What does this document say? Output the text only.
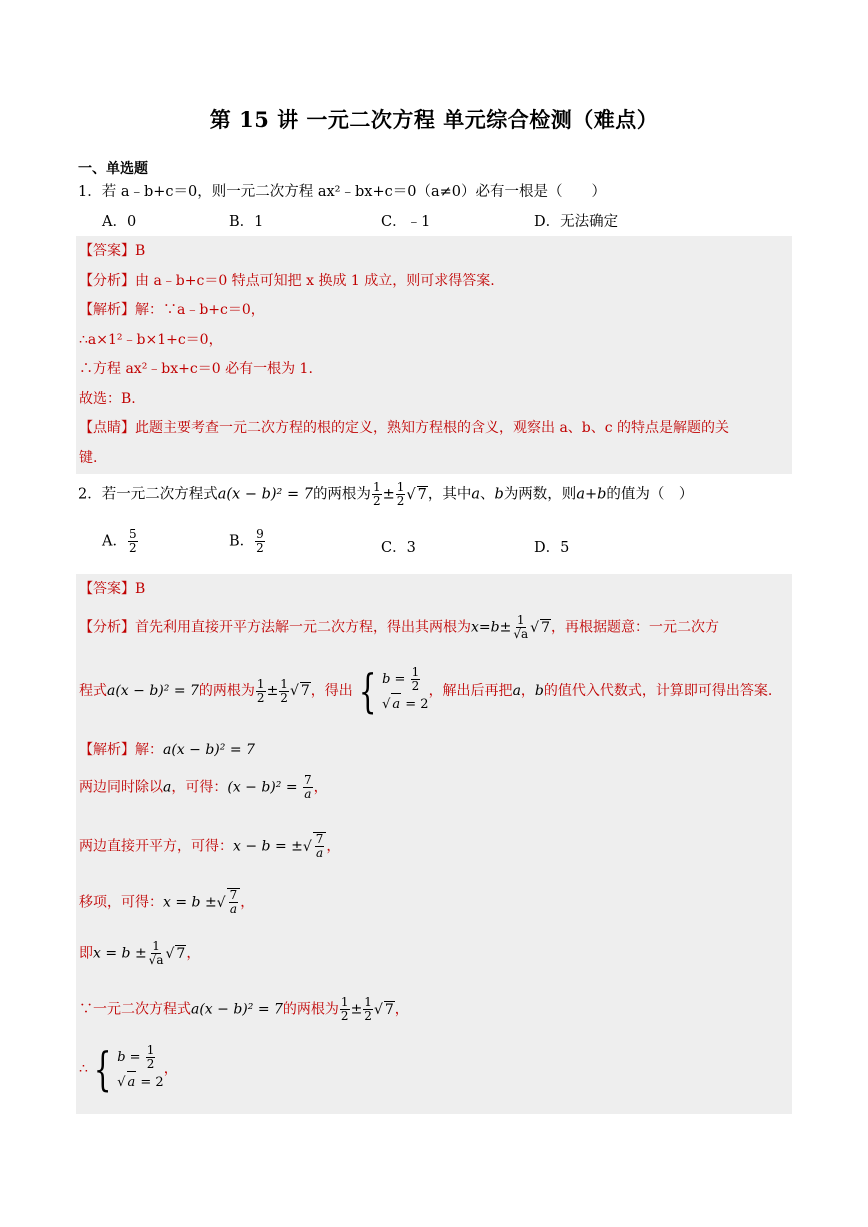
第 15 讲 一元二次方程 单元综合检测（难点）
一、单选题
1．若 a﹣b+c＝0，则一元二次方程 ax²﹣bx+c＝0（a≠0）必有一根是（　　）
A．0	B．1	C．﹣1	D．无法确定
【答案】B
【分析】由 a﹣b+c＝0 特点可知把 x 换成 1 成立，则可求得答案.
【解析】解：∵a﹣b+c＝0，
∴a×1²﹣b×1+c＝0，
∴方程 ax²﹣bx+c＝0 必有一根为 1.
故选：B.
【点睛】此题主要考查一元二次方程的根的定义，熟知方程根的含义，观察出 a、b、c 的特点是解题的关
键.
2．若一元二次方程式a(x − b)² = 7的两根为 $\frac{1}{2} \pm \frac{1}{2}$ √ 7，其中a、b为两数，则a+b的值为（　）
A． $\frac{5}{2}$	B． $\frac{9}{2}$	C．3	D．5
【答案】B
【分析】首先利用直接开平方法解一元二次方程，得出其两根为$x=b\pm \frac{1}{√a}$ √ 7，再根据题意：一元二次方
程式a(x − b)² = 7的两根为 $\frac{1}{2} \pm \frac{1}{2}$ √ 7，得出 { $b = \frac{1}{2}$
√ a = 2
，解出后再把a，b的值代入代数式，计算即可得出答案.
【解析】解：a(x − b)² = 7
两边同时除以a，可得：$(x - b)^2 = \frac{7}{a}$ ，
两边直接开平方，可得：x − b = ± √ $\frac{7}{a}$ ，
移项，可得：x = b ± √ $\frac{7}{a}$ ，
即$x = b \pm \frac{1}{√a}$ √ 7，
∵一元二次方程式a(x − b)² = 7的两根为 $\frac{1}{2} \pm \frac{1}{2}$ √ 7，
∴ { $b = \frac{1}{2}$
√ a = 2
，
